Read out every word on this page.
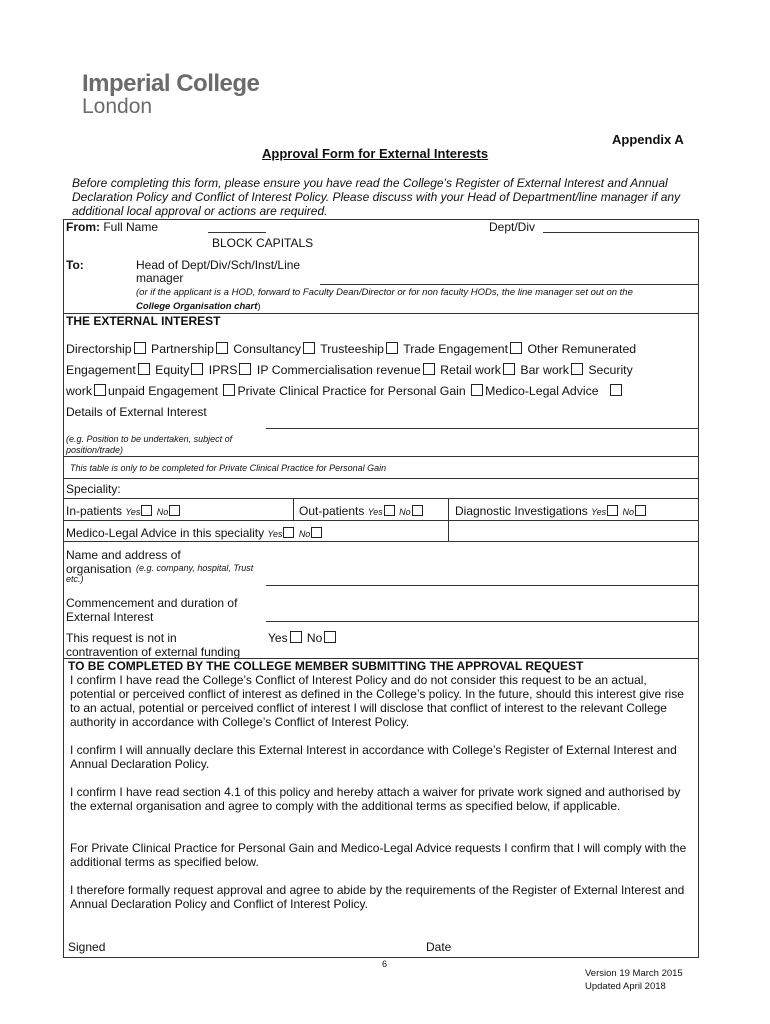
Imperial College
London
Appendix A
Approval Form for External Interests
Before completing this form, please ensure you have read the College’s Register of External Interest and Annual Declaration Policy and Conflict of Interest Policy. Please discuss with your Head of Department/line manager if any additional local approval or actions are required.
From: Full Name	Dept/Div
BLOCK CAPITALS
To:	Head of Dept/Div/Sch/Inst/Line
manager
(or if the applicant is a HOD, forward to Faculty Dean/Director or for non faculty HODs, the line manager set out on the
College Organisation chart)
THE EXTERNAL INTEREST
Directorship Partnership Consultancy Trusteeship Trade Engagement Other Remunerated
Engagement Equity IPRS IP Commercialisation revenue Retail work Bar work Security
work unpaid Engagement Private Clinical Practice for Personal Gain Medico-Legal Advice
Details of External Interest
(e.g. Position to be undertaken, subject of position/trade)
This table is only to be completed for Private Clinical Practice for Personal Gain
Speciality:
In-patients Yes No	Out-patients Yes No	Diagnostic Investigations Yes No
Medico-Legal Advice in this speciality Yes No
Name and address of
organisation (e.g. company, hospital, Trust etc.)
Commencement and duration of
External Interest
This request is not in
contravention of external funding
Yes No
TO BE COMPLETED BY THE COLLEGE MEMBER SUBMITTING THE APPROVAL REQUEST
I confirm I have read the College’s Conflict of Interest Policy and do not consider this request to be an actual, potential or perceived conflict of interest as defined in the College’s policy. In the future, should this interest give rise to an actual, potential or perceived conflict of interest I will disclose that conflict of interest to the relevant College authority in accordance with College’s Conflict of Interest Policy.
I confirm I will annually declare this External Interest in accordance with College’s Register of External Interest and Annual Declaration Policy.
I confirm I have read section 4.1 of this policy and hereby attach a waiver for private work signed and authorised by the external organisation and agree to comply with the additional terms as specified below, if applicable.
For Private Clinical Practice for Personal Gain and Medico-Legal Advice requests I confirm that I will comply with the additional terms as specified below.
I therefore formally request approval and agree to abide by the requirements of the Register of External Interest and Annual Declaration Policy and Conflict of Interest Policy.
Signed	Date
6
Version 19 March 2015
Updated April 2018
